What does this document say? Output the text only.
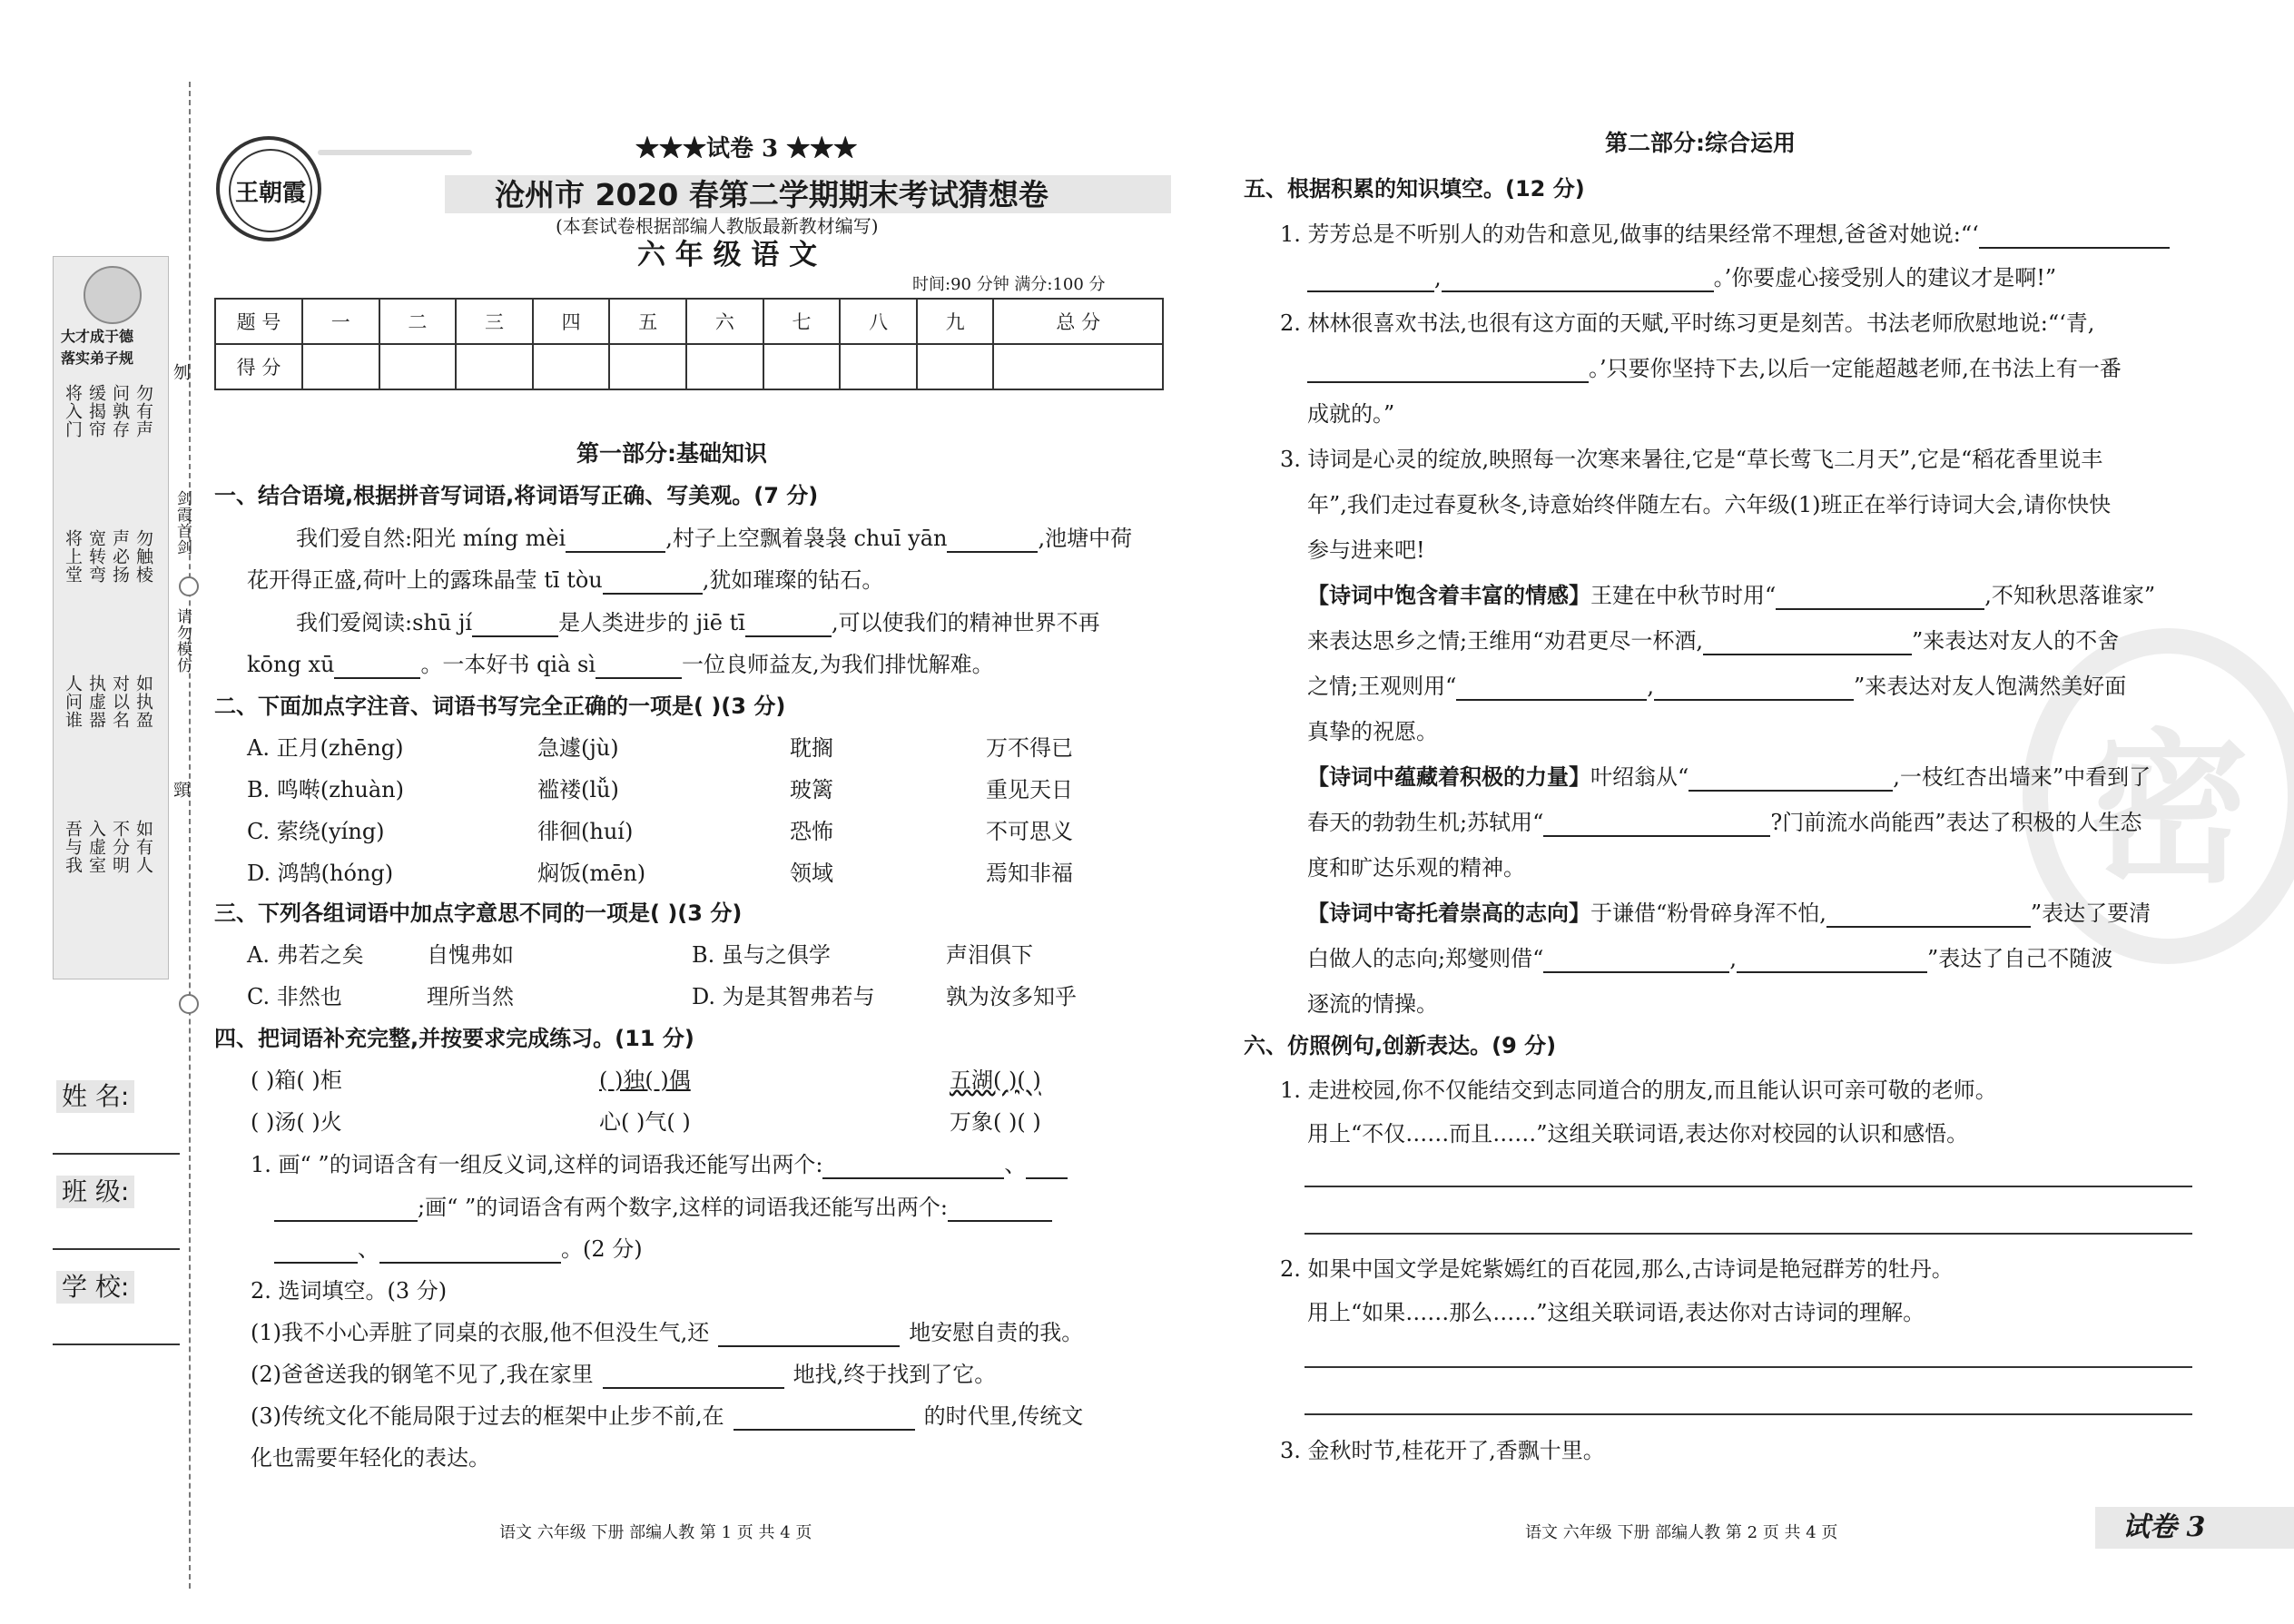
大才成于德
落实弟子规
将入门 缓揭帘 问孰存 勿有声
将上堂 宽转弯 声必扬 勿触棱
人问谁 执虚器 对以名 如执盈
吾与我 入虚室 不分明 如有人
刎
剑霞首剑
请勿模仿
頸
姓 名:
班 级:
学 校:
王朝霞
★★★试卷 3 ★★★
沧州市 2020 春第二学期期末考试猜想卷
(本套试卷根据部编人教版最新教材编写)
六 年 级 语 文
时间:90 分钟 满分:100 分
题 号	一	二	三	四	五	六	七	八	九	总 分
得 分										
第一部分:基础知识
一、结合语境,根据拼音写词语,将词语写正确、写美观。(7 分)
我们爱自然:阳光 míng mèi	,村子上空飘着袅袅 chuī yān	,池塘中荷
花开得正盛,荷叶上的露珠晶莹 tī tòu	,犹如璀璨的钻石。
我们爱阅读:shū jí	是人类进步的 jiē tī	,可以使我们的精神世界不再
kōng xū	。一本好书 qià sì	一位良师益友,为我们排忧解难。
二、下面加点字注音、词语书写完全正确的一项是( )(3 分)
A. 正月(zhēng)	急遽(jù)	耽搁	万不得已
B. 鸣啭(zhuàn)	褴褛(lǚ)	玻篱	重见天日
C. 萦绕(yíng)	徘徊(huí)	恐怖	不可思义
D. 鸿鹄(hóng)	焖饭(mēn)	领域	焉知非福
三、下列各组词语中加点字意思不同的一项是( )(3 分)
A. 弗若之矣	自愧弗如	B. 虽与之俱学	声泪俱下
C. 非然也	理所当然	D. 为是其智弗若与	孰为汝多知乎
四、把词语补充完整,并按要求完成练习。(11 分)
( )箱( )柜	( )独( )偶	五湖( )( )
( )汤( )火	心( )气( )	万象( )( )
1. 画“ ”的词语含有一组反义词,这样的词语我还能写出两个:	、
;画“ ”的词语含有两个数字,这样的词语我还能写出两个:
、	。(2 分)
2. 选词填空。(3 分)
(1)我不小心弄脏了同桌的衣服,他不但没生气,还	地安慰自责的我。
(2)爸爸送我的钢笔不见了,我在家里	地找,终于找到了它。
(3)传统文化不能局限于过去的框架中止步不前,在	的时代里,传统文
化也需要年轻化的表达。
语文 六年级 下册 部编人教 第 1 页 共 4 页
第二部分:综合运用
五、根据积累的知识填空。(12 分)
1. 芳芳总是不听别人的劝告和意见,做事的结果经常不理想,爸爸对她说:“‘
,	。’你要虚心接受别人的建议才是啊!”
2. 林林很喜欢书法,也很有这方面的天赋,平时练习更是刻苦。书法老师欣慰地说:“‘青,
。’只要你坚持下去,以后一定能超越老师,在书法上有一番
成就的。”
3. 诗词是心灵的绽放,映照每一次寒来暑往,它是“草长莺飞二月天”,它是“稻花香里说丰
年”,我们走过春夏秋冬,诗意始终伴随左右。六年级(1)班正在举行诗词大会,请你快快
参与进来吧!
【诗词中饱含着丰富的情感】王建在中秋节时用“	,不知秋思落谁家”
来表达思乡之情;王维用“劝君更尽一杯酒,	”来表达对友人的不舍
之情;王观则用“	,	”来表达对友人饱满然美好面
真挚的祝愿。
【诗词中蕴藏着积极的力量】叶绍翁从“	,一枝红杏出墙来”中看到了
春天的勃勃生机;苏轼用“	?门前流水尚能西”表达了积极的人生态
度和旷达乐观的精神。
【诗词中寄托着崇高的志向】于谦借“粉骨碎身浑不怕,	”表达了要清
白做人的志向;郑燮则借“	,	”表达了自己不随波
逐流的情操。
六、仿照例句,创新表达。(9 分)
1. 走进校园,你不仅能结交到志同道合的朋友,而且能认识可亲可敬的老师。
用上“不仅……而且……”这组关联词语,表达你对校园的认识和感悟。
2. 如果中国文学是姹紫嫣红的百花园,那么,古诗词是艳冠群芳的牡丹。
用上“如果……那么……”这组关联词语,表达你对古诗词的理解。
3. 金秋时节,桂花开了,香飘十里。
语文 六年级 下册 部编人教 第 2 页 共 4 页	试卷 3
密
